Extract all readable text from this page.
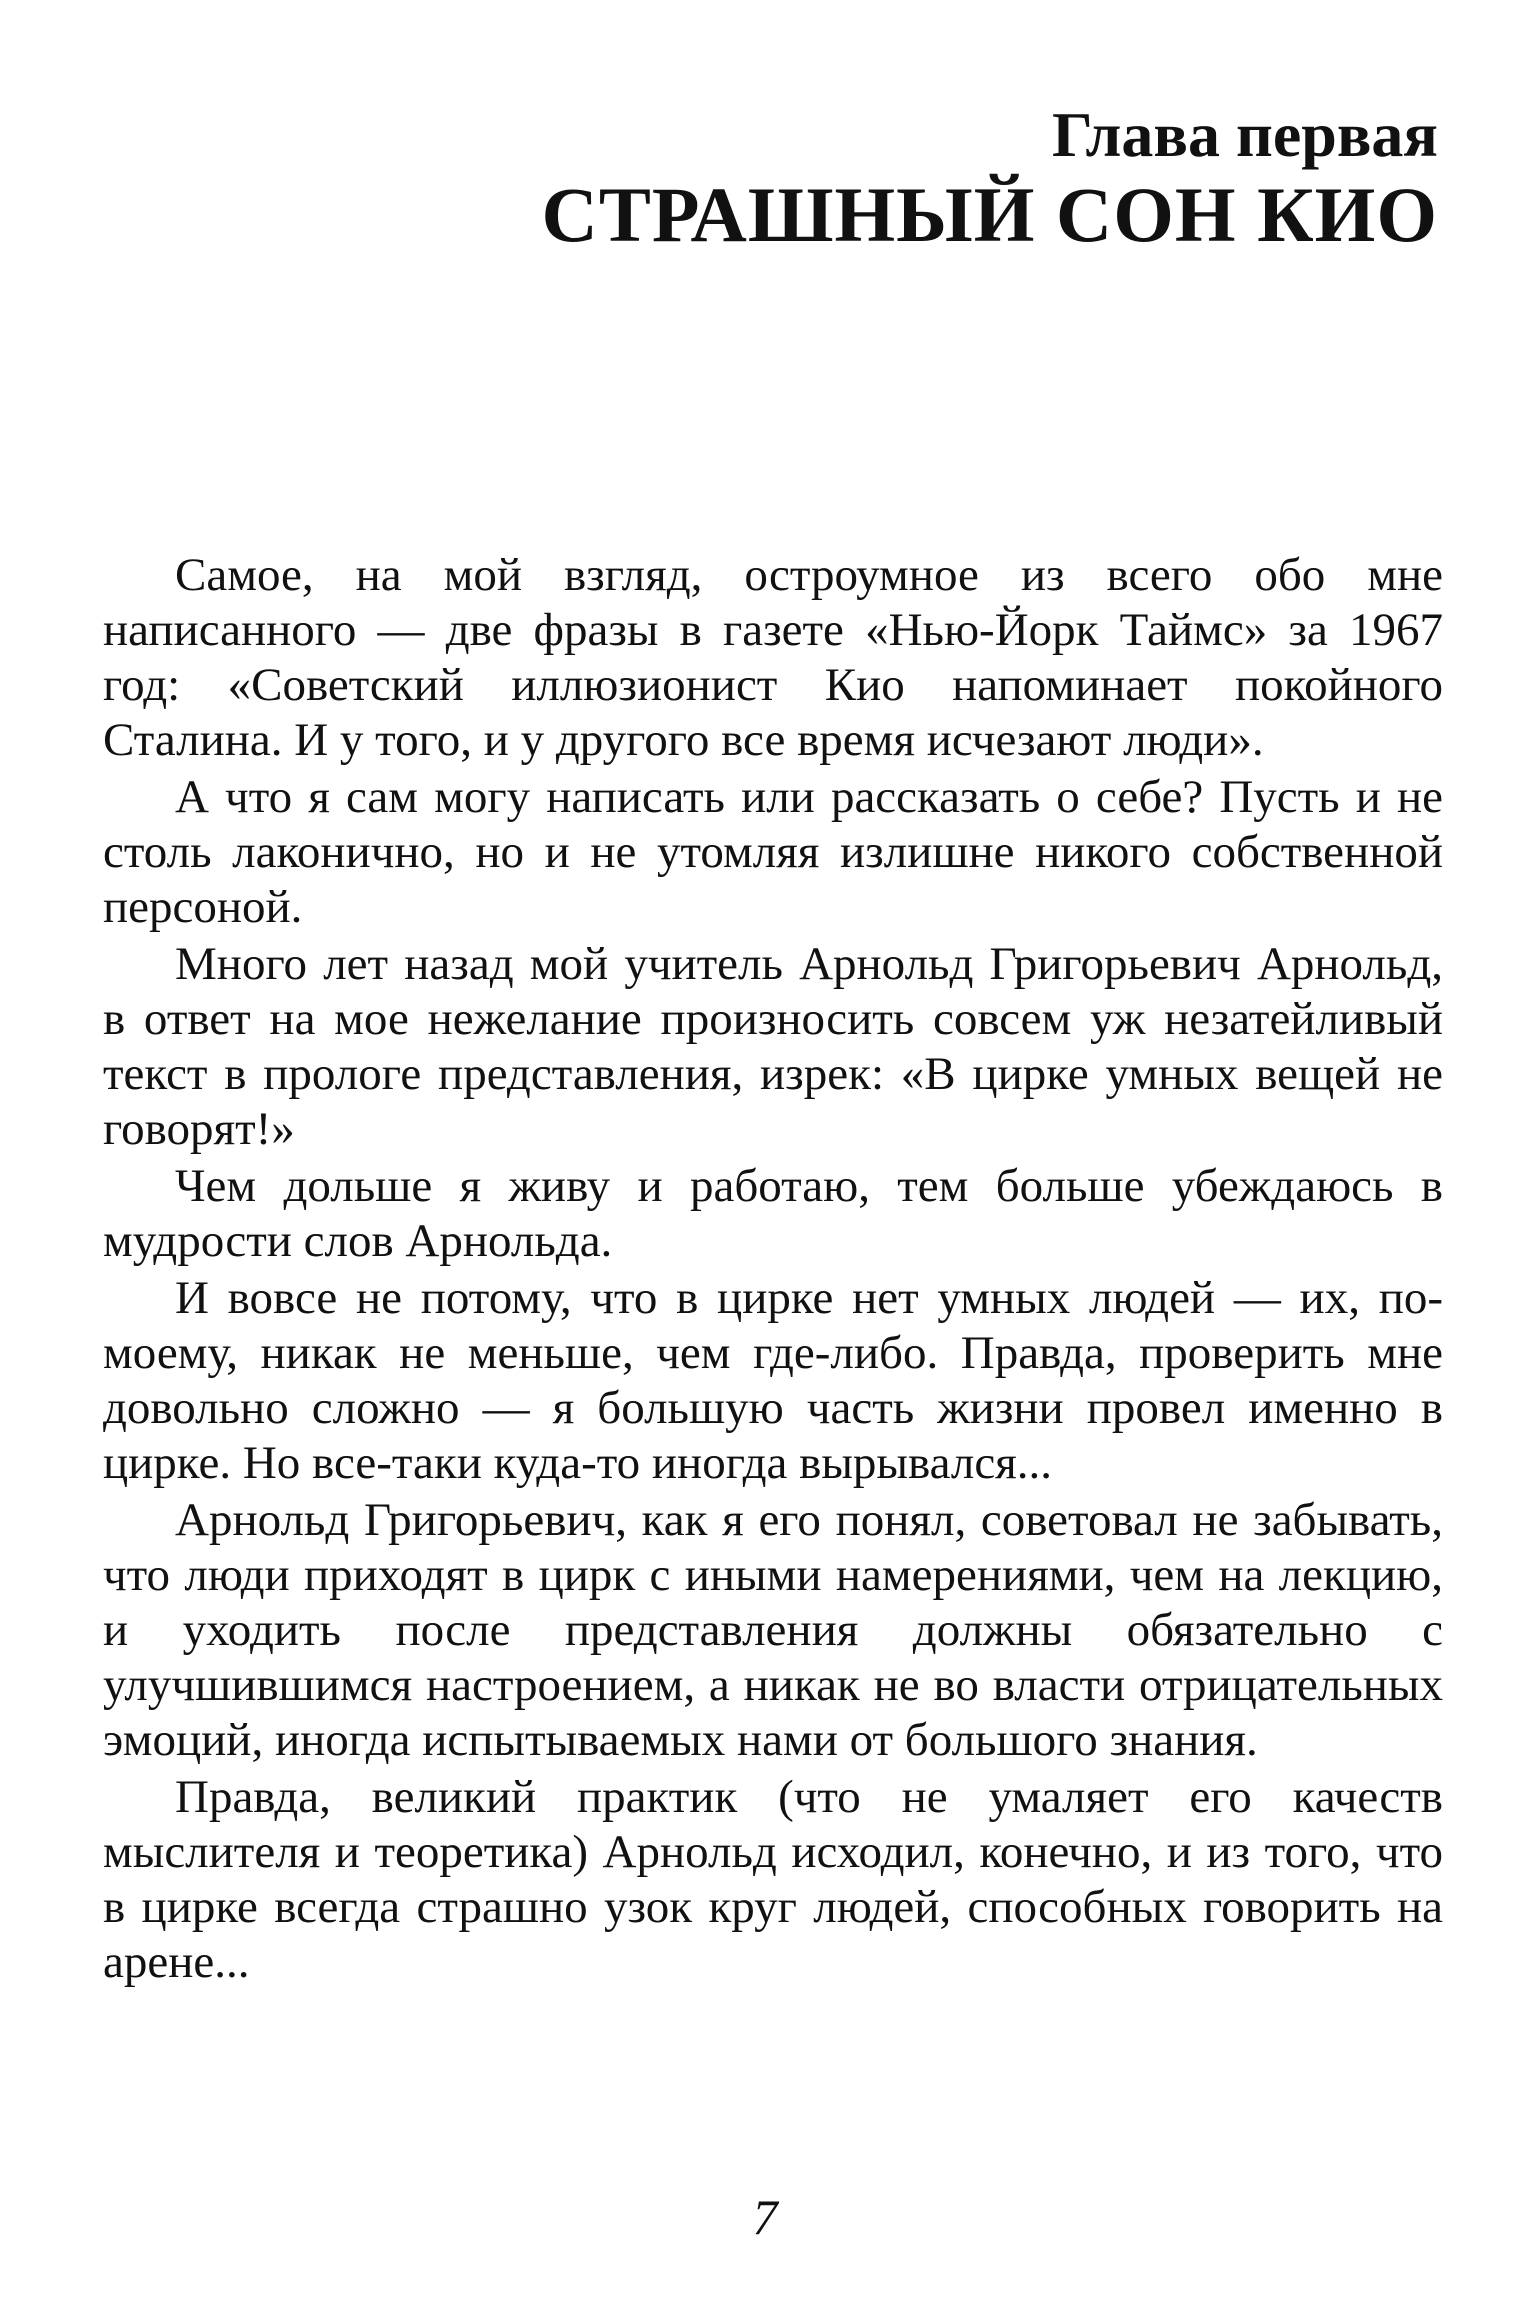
Глава первая
СТРАШНЫЙ СОН КИО

Самое, на мой взгляд, остроумное из всего обо мне написанного — две фразы в газете «Нью-Йорк Таймс» за 1967 год: «Советский иллюзионист Кио напоминает покойного Сталина. И у того, и у другого все время исчезают люди».

А что я сам могу написать или рассказать о себе? Пусть и не столь лаконично, но и не утомляя излишне никого собственной персоной.

Много лет назад мой учитель Арнольд Григорьевич Арнольд, в ответ на мое нежелание произносить совсем уж незатейливый текст в прологе представления, изрек: «В цирке умных вещей не говорят!»

Чем дольше я живу и работаю, тем больше убеждаюсь в мудрости слов Арнольда.

И вовсе не потому, что в цирке нет умных людей — их, по-моему, никак не меньше, чем где-либо. Правда, проверить мне довольно сложно — я большую часть жизни провел именно в цирке. Но все-таки куда-то иногда вырывался...

Арнольд Григорьевич, как я его понял, советовал не забывать, что люди приходят в цирк с иными намерениями, чем на лекцию, и уходить после представления должны обязательно с улучшившимся настроением, а никак не во власти отрицательных эмоций, иногда испытываемых нами от большого знания.

Правда, великий практик (что не умаляет его качеств мыслителя и теоретика) Арнольд исходил, конечно, и из того, что в цирке всегда страшно узок круг людей, способных говорить на арене...

7
